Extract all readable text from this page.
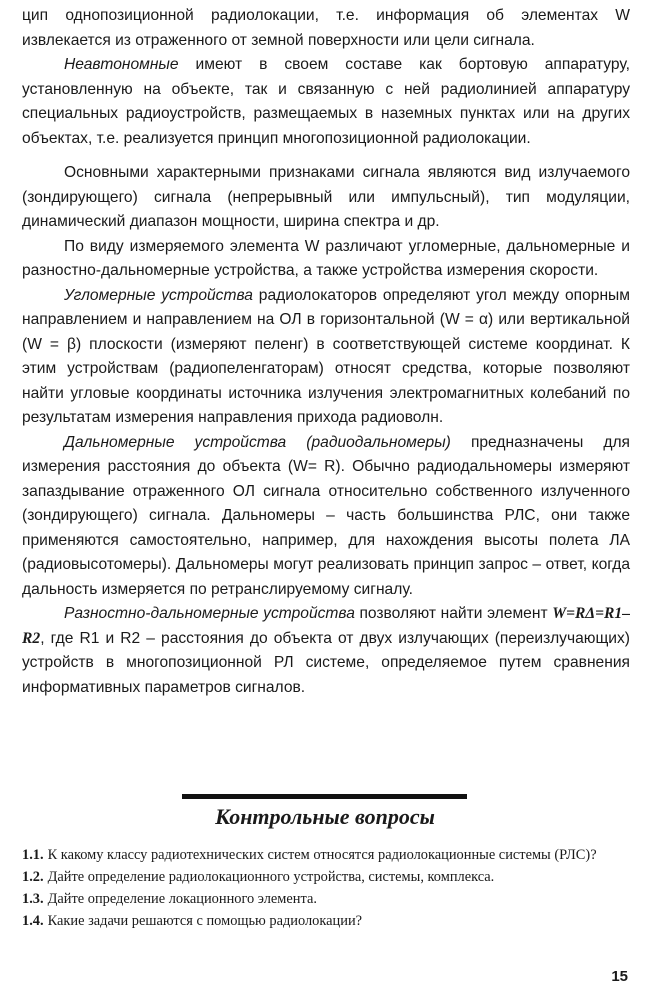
цип однопозиционной радиолокации, т.е. информация об элементах W извлекается из отраженного от земной поверхности или цели сигнала.

Неавтономные имеют в своем составе как бортовую аппаратуру, установленную на объекте, так и связанную с ней радиолинией аппаратуру специальных радиоустройств, размещаемых в наземных пунктах или на других объектах, т.е. реализуется принцип многопозиционной радиолокации.

Основными характерными признаками сигнала являются вид излучаемого (зондирующего) сигнала (непрерывный или импульсный), тип модуляции, динамический диапазон мощности, ширина спектра и др.

По виду измеряемого элемента W различают угломерные, дальномерные и разностно-дальномерные устройства, а также устройства измерения скорости.

Угломерные устройства радиолокаторов определяют угол между опорным направлением и направлением на ОЛ в горизонтальной (W = α) или вертикальной (W = β) плоскости (измеряют пеленг) в соответствующей системе координат. К этим устройствам (радиопеленгаторам) относят средства, которые позволяют найти угловые координаты источника излучения электромагнитных колебаний по результатам измерения направления прихода радиоволн.

Дальномерные устройства (радиодальномеры) предназначены для измерения расстояния до объекта (W= R). Обычно радиодальномеры измеряют запаздывание отраженного ОЛ сигнала относительно собственного излученного (зондирующего) сигнала. Дальномеры – часть большинства РЛС, они также применяются самостоятельно, например, для нахождения высоты полета ЛА (радиовысотомеры). Дальномеры могут реализовать принцип запрос – ответ, когда дальность измеряется по ретранслируемому сигналу.

Разностно-дальномерные устройства позволяют найти элемент W=RΔ=R1–R2, где R1 и R2 – расстояния до объекта от двух излучающих (переизлучающих) устройств в многопозиционной РЛ системе, определяемое путем сравнения информативных параметров сигналов.

Контрольные вопросы

1.1. К какому классу радиотехнических систем относятся радиолокационные системы (РЛС)?

1.2. Дайте определение радиолокационного устройства, системы, комплекса.

1.3. Дайте определение локационного элемента.

1.4. Какие задачи решаются с помощью радиолокации?

15
